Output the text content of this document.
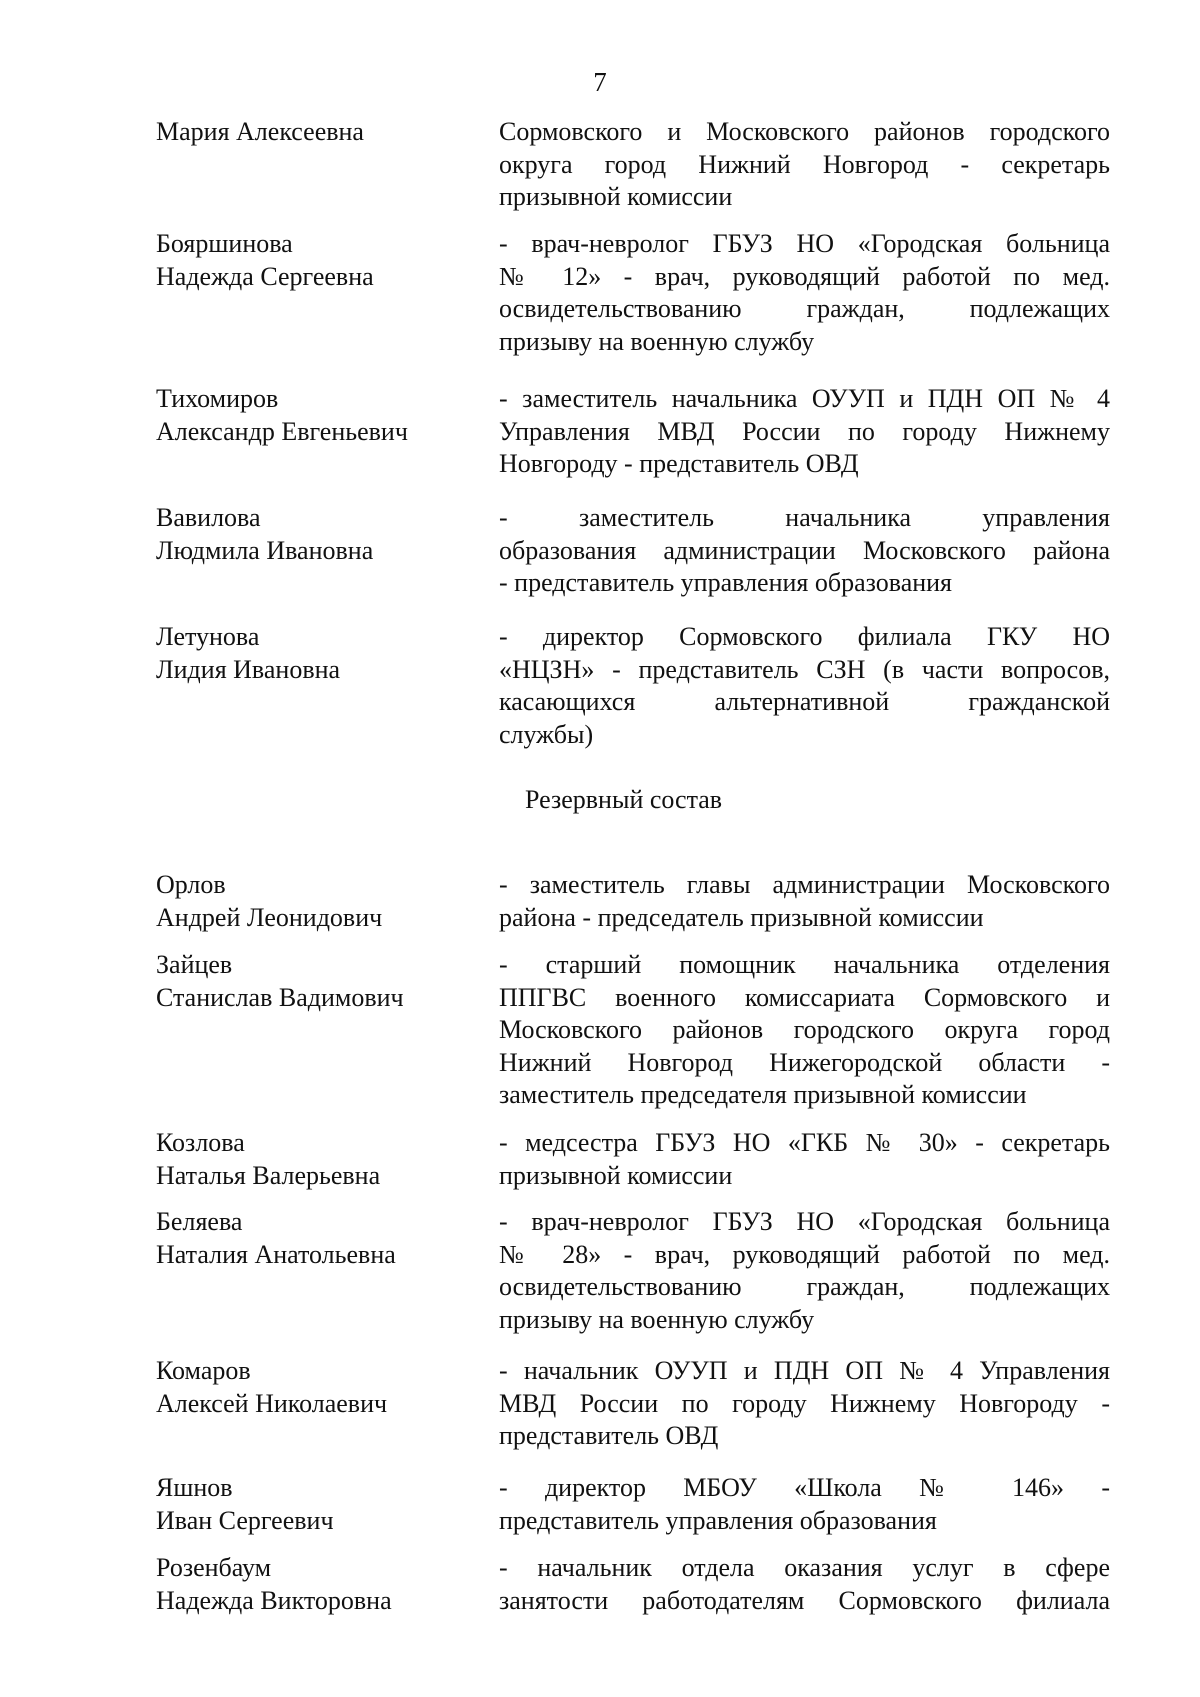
7
Мария Алексеевна	Сормовского и Московского районов городского
округа город Нижний Новгород - секретарь
призывной комиссии
Бояршинова
Надежда Сергеевна
- врач-невролог ГБУЗ НО «Городская больница
№ 12» - врач, руководящий работой по мед.
освидетельствованию граждан, подлежащих
призыву на военную службу
Тихомиров
Александр Евгеньевич
- заместитель начальника ОУУП и ПДН ОП № 4
Управления МВД России по городу Нижнему
Новгороду - представитель ОВД
Вавилова
Людмила Ивановна
- заместитель начальника управления
образования администрации Московского района
- представитель управления образования
Летунова
Лидия Ивановна
- директор Сормовского филиала ГКУ НО
«НЦЗН» - представитель СЗН (в части вопросов,
касающихся альтернативной гражданской
службы)
Резервный состав
Орлов
Андрей Леонидович
- заместитель главы администрации Московского
района - председатель призывной комиссии
Зайцев
Станислав Вадимович
- старший помощник начальника отделения
ППГВС военного комиссариата Сормовского и
Московского районов городского округа город
Нижний Новгород Нижегородской области -
заместитель председателя призывной комиссии
Козлова
Наталья Валерьевна
- медсестра ГБУЗ НО «ГКБ № 30» - секретарь
призывной комиссии
Беляева
Наталия Анатольевна
- врач-невролог ГБУЗ НО «Городская больница
№ 28» - врач, руководящий работой по мед.
освидетельствованию граждан, подлежащих
призыву на военную службу
Комаров
Алексей Николаевич
- начальник ОУУП и ПДН ОП № 4 Управления
МВД России по городу Нижнему Новгороду -
представитель ОВД
Яшнов
Иван Сергеевич
- директор МБОУ «Школа № 146» -
представитель управления образования
Розенбаум
Надежда Викторовна
- начальник отдела оказания услуг в сфере
занятости работодателям Сормовского филиала
